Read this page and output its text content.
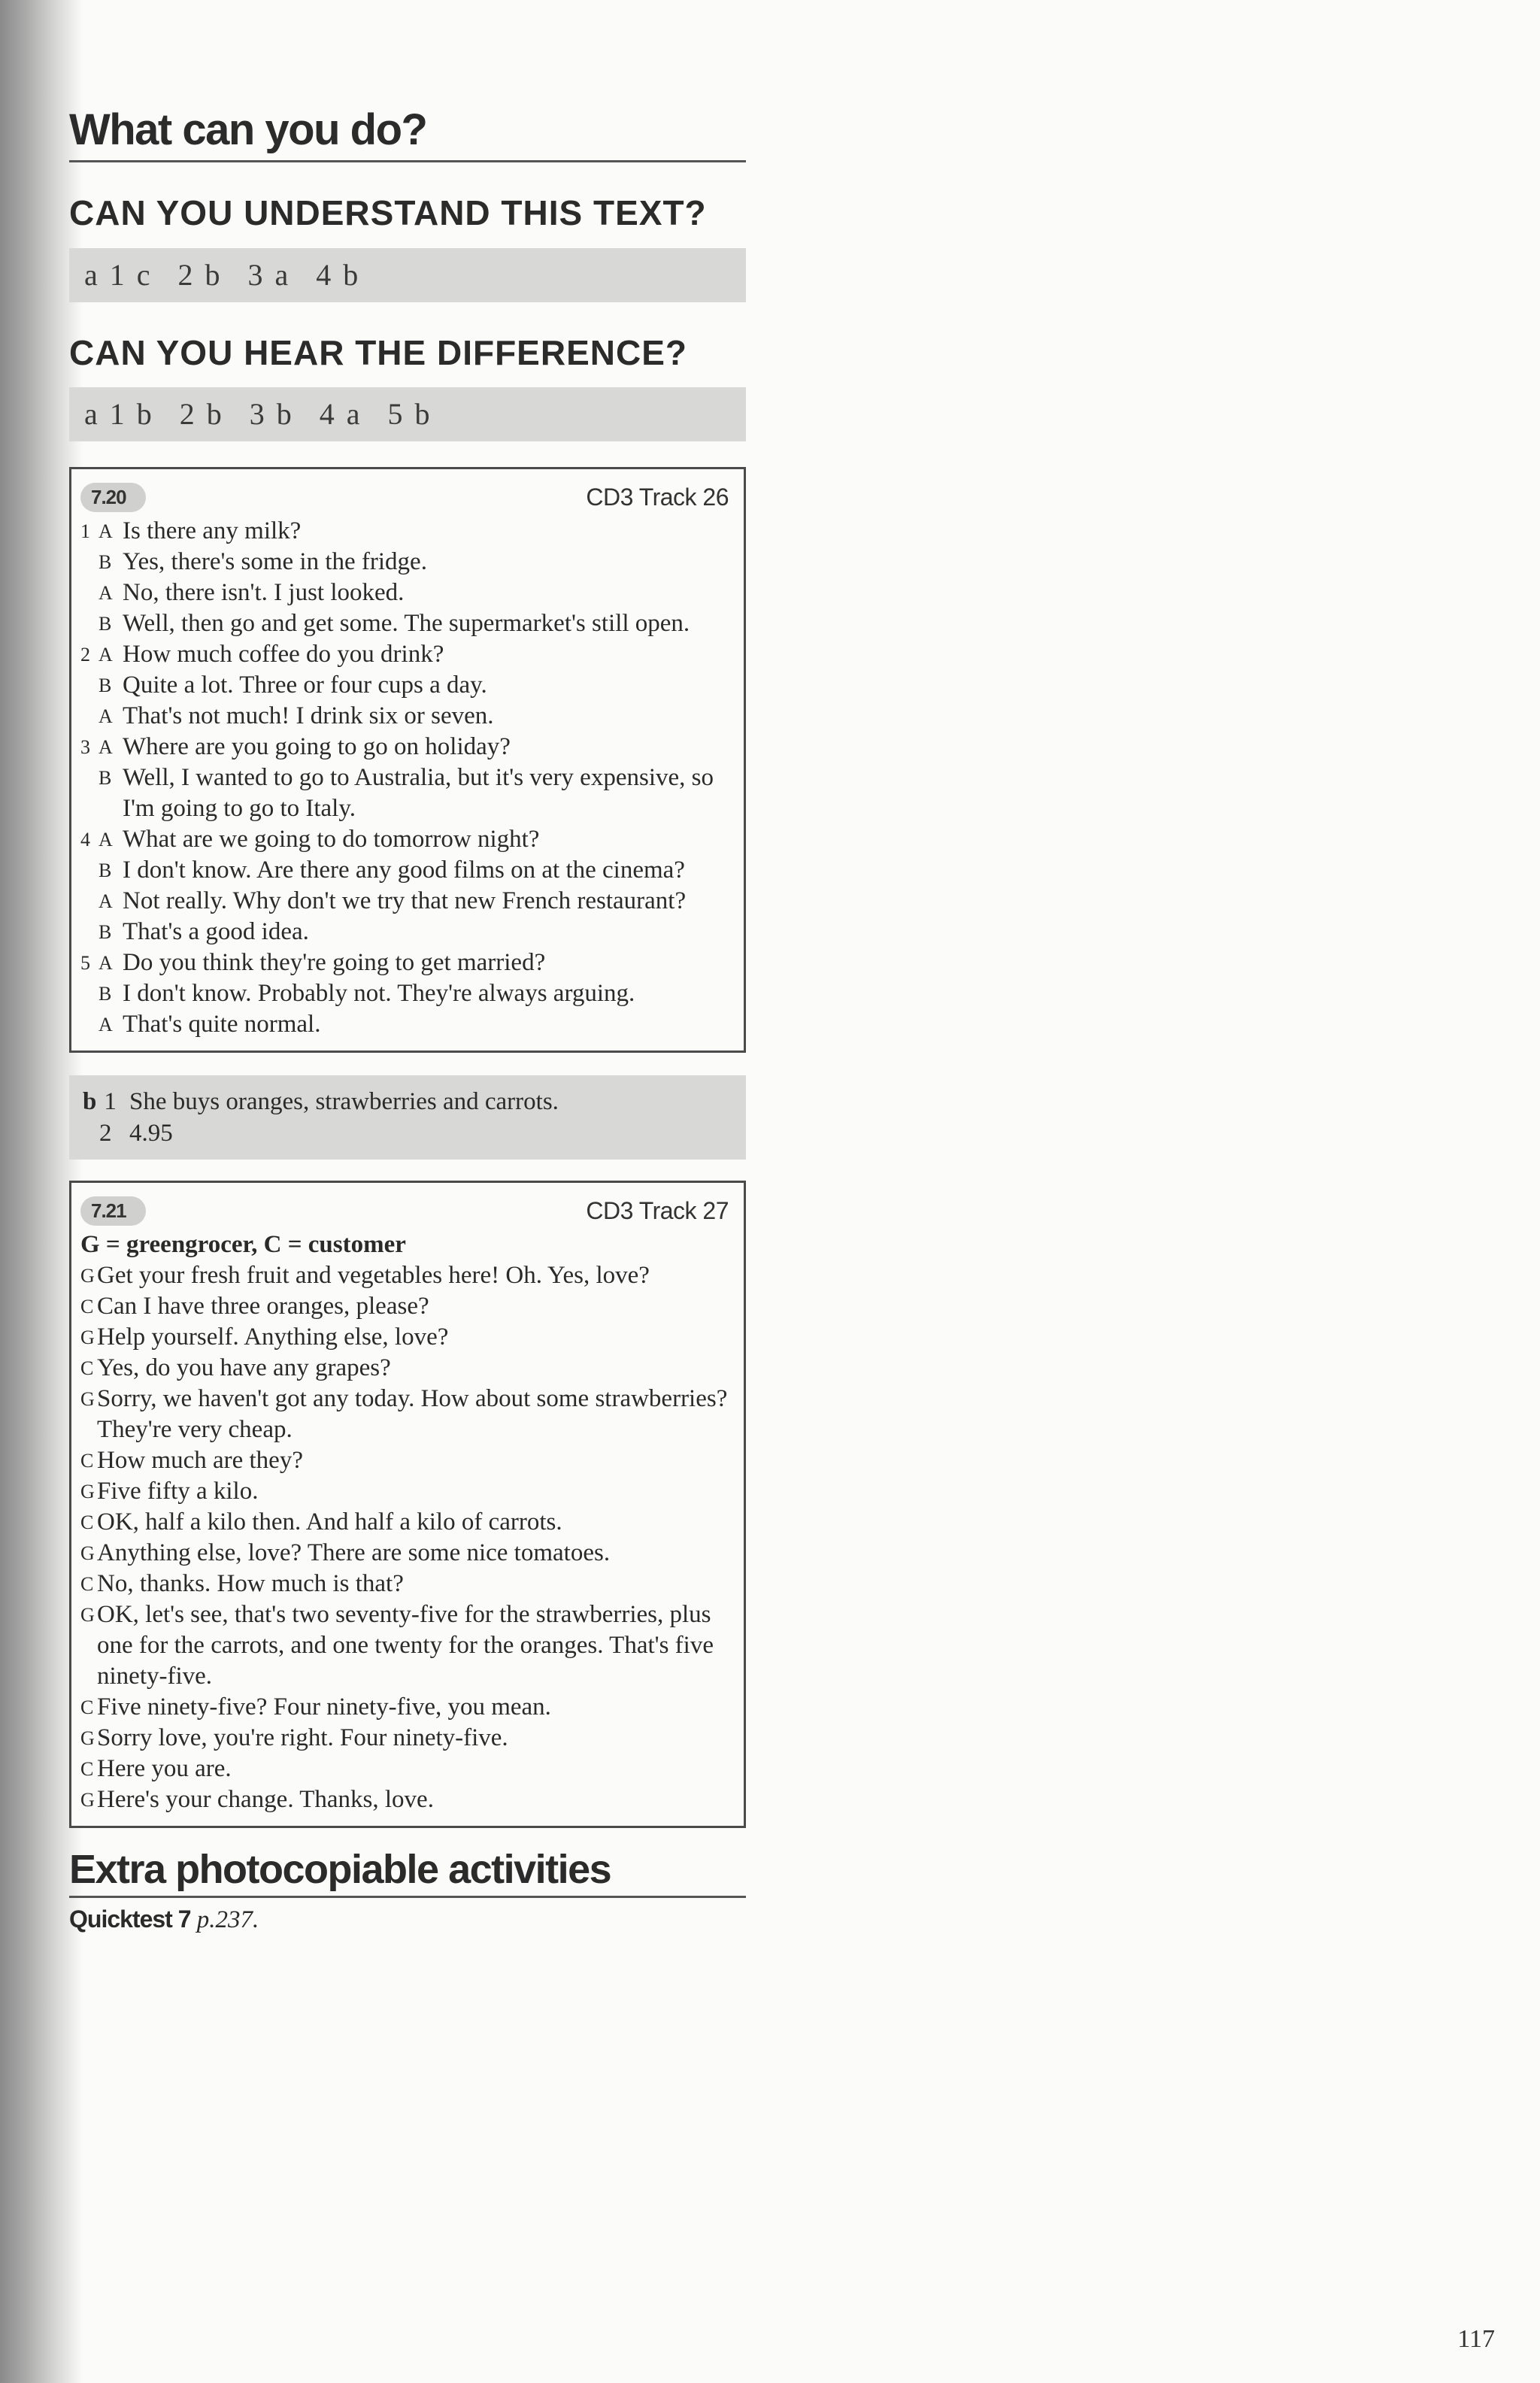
What can you do?
CAN YOU UNDERSTAND THIS TEXT?
a 1 c 2 b 3 a 4 b
CAN YOU HEAR THE DIFFERENCE?
a 1 b 2 b 3 b 4 a 5 b
7.20	CD3 Track 26
1 A Is there any milk?
B Yes, there's some in the fridge.
A No, there isn't. I just looked.
B Well, then go and get some. The supermarket's still open.
2 A How much coffee do you drink?
B Quite a lot. Three or four cups a day.
A That's not much! I drink six or seven.
3 A Where are you going to go on holiday?
B Well, I wanted to go to Australia, but it's very expensive, so I'm going to go to Italy.
4 A What are we going to do tomorrow night?
B I don't know. Are there any good films on at the cinema?
A Not really. Why don't we try that new French restaurant?
B That's a good idea.
5 A Do you think they're going to get married?
B I don't know. Probably not. They're always arguing.
A That's quite normal.
b 1 She buys oranges, strawberries and carrots.
2 4.95
7.21	CD3 Track 27
G = greengrocer, C = customer
G Get your fresh fruit and vegetables here! Oh. Yes, love?
C Can I have three oranges, please?
G Help yourself. Anything else, love?
C Yes, do you have any grapes?
G Sorry, we haven't got any today. How about some strawberries? They're very cheap.
C How much are they?
G Five fifty a kilo.
C OK, half a kilo then. And half a kilo of carrots.
G Anything else, love? There are some nice tomatoes.
C No, thanks. How much is that?
G OK, let's see, that's two seventy-five for the strawberries, plus one for the carrots, and one twenty for the oranges. That's five ninety-five.
C Five ninety-five? Four ninety-five, you mean.
G Sorry love, you're right. Four ninety-five.
C Here you are.
G Here's your change. Thanks, love.
Extra photocopiable activities
Quicktest 7 p.237.
117
